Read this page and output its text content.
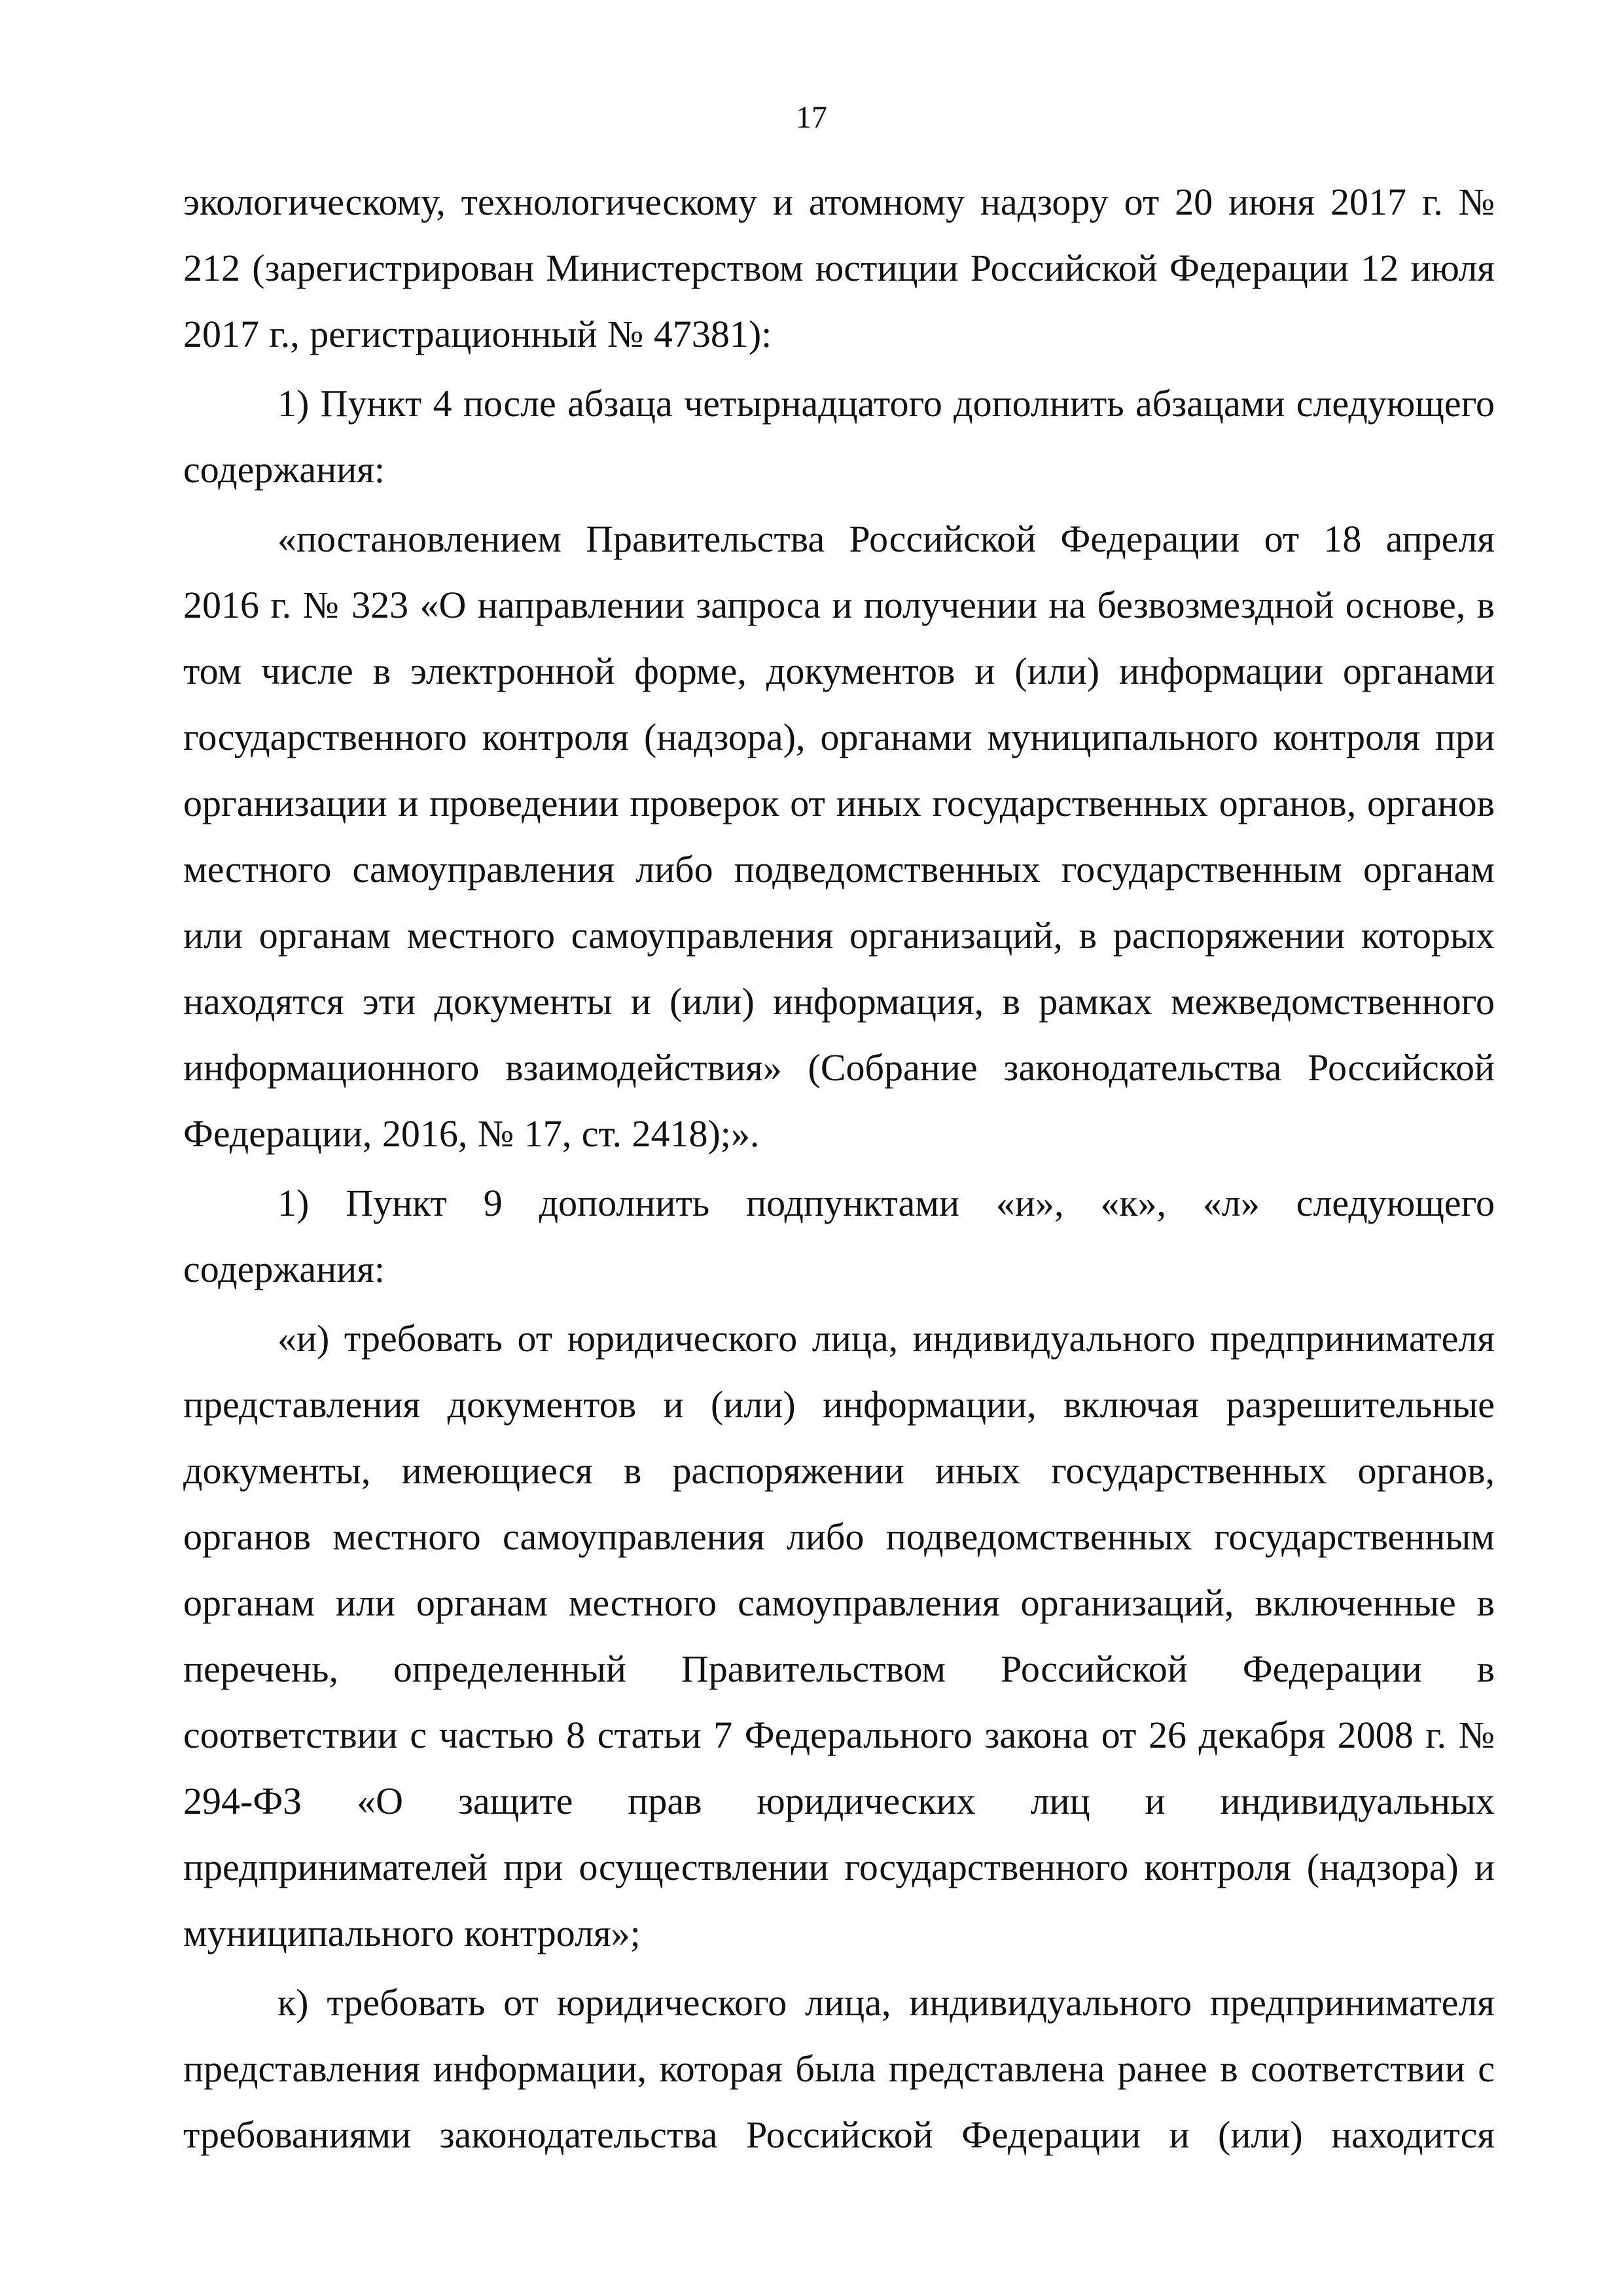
17

экологическому, технологическому и атомному надзору от 20 июня 2017 г. № 212 (зарегистрирован Министерством юстиции Российской Федерации 12 июля 2017 г., регистрационный № 47381):

1) Пункт 4 после абзаца четырнадцатого дополнить абзацами следующего содержания:

«постановлением Правительства Российской Федерации от 18 апреля 2016 г. № 323 «О направлении запроса и получении на безвозмездной основе, в том числе в электронной форме, документов и (или) информации органами государственного контроля (надзора), органами муниципального контроля при организации и проведении проверок от иных государственных органов, органов местного самоуправления либо подведомственных государственным органам или органам местного самоуправления организаций, в распоряжении которых находятся эти документы и (или) информация, в рамках межведомственного информационного взаимодействия» (Собрание законодательства Российской Федерации, 2016, № 17, ст. 2418);».

1) Пункт 9 дополнить подпунктами «и», «к», «л» следующего содержания:

«и) требовать от юридического лица, индивидуального предпринимателя представления документов и (или) информации, включая разрешительные документы, имеющиеся в распоряжении иных государственных органов, органов местного самоуправления либо подведомственных государственным органам или органам местного самоуправления организаций, включенные в перечень, определенный Правительством Российской Федерации в соответствии с частью 8 статьи 7 Федерального закона от 26 декабря 2008 г. № 294-ФЗ «О защите прав юридических лиц и индивидуальных предпринимателей при осуществлении государственного контроля (надзора) и муниципального контроля»;

к) требовать от юридического лица, индивидуального предпринимателя представления информации, которая была представлена ранее в соответствии с требованиями законодательства Российской Федерации и (или) находится
